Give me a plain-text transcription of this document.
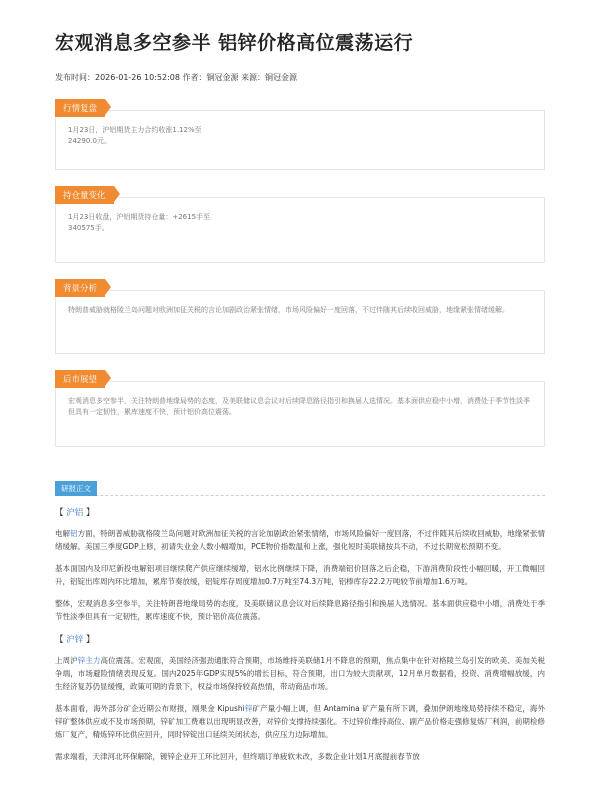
宏观消息多空参半 铝锌价格高位震荡运行
发布时间：2026-01-26 10:52:08 作者：铜冠金源 来源：铜冠金源
行情复盘
1月23日，沪铝期货主力合约收涨1.12%至24290.0元。
持仓量变化
1月23日收盘，沪铝期货持仓量：+2615手至340575手。
背景分析
特朗普威胁就格陵兰岛问题对欧洲加征关税的言论加剧政治紧张情绪，市场风险偏好一度回落，不过伴随其后续收回威胁，地缘紧张情绪缓解。
后市展望
宏观消息多空参半，关注特朗普地缘局势的态度，及美联储议息会议对后续降息路径指引和换届人选情况。基本面供应稳中小增，消费处于季节性淡季但具有一定韧性，累库速度不快，预计铝价高位震荡。
研报正文
【 沪铝 】
电解铝方面，特朗普威胁就格陵兰岛问题对欧洲加征关税的言论加剧政治紧张情绪，市场风险偏好一度回落，不过伴随其后续收回威胁，地缘紧张情绪缓解。美国三季度GDP上修，初请失业金人数小幅增加，PCE物价指数温和上涨，强化短时美联储按兵不动，不过长期宽松预期不变。
基本面国内及印尼新投电解铝项目继续爬产供应继续缓增，铝水比例继续下降，消费端铝价回落之后企稳，下游消费阶段性小幅回暖，开工微幅回升，铝锭出库周内环比增加，累库节奏放缓，铝锭库存周度增加0.7万吨至74.3万吨，铝棒库存22.2万吨较节前增加1.6万吨。
整体，宏观消息多空参半，关注特朗普地缘局势的态度，及美联储议息会议对后续降息路径指引和换届人选情况。基本面供应稳中小增，消费处于季节性淡季但具有一定韧性，累库速度不快，预计铝价高位震荡。
【 沪锌 】
上周沪锌主力高位震荡。宏观面，美国经济强劲通胀符合预期，市场维持美联储1月不降息的预期，焦点集中在针对格陵兰岛引发的欧美、美加关税争端，市场避险情绪表现反复。国内2025年GDP实现5%的增长目标，符合预期，出口为较大贡献项，12月单月数据看，投资、消费增幅放缓，内生经济复苏仍显缓慢，政策可期的背景下，权益市场保持较高热情，带动商品市场。
基本面看，海外部分矿企近期公布财报，刚果金 Kipushi锌矿产量小幅上调，但 Antamina 矿产量有所下调，叠加伊朗地缘局势持续不稳定，海外锌矿整体供应或不及市场预期，锌矿加工费难以出现明显改善，对锌价支撑持续强化。不过锌价维持高位、副产品价格走强修复炼厂利润，前期检修炼厂复产，精炼锌环比供应回升，同时锌锭出口延续关闭状态，供应压力边际增加。
需求端看，天津河北环保解除，镀锌企业开工环比回升，但终端订单疲软未改，多数企业计划1月底提前春节放
